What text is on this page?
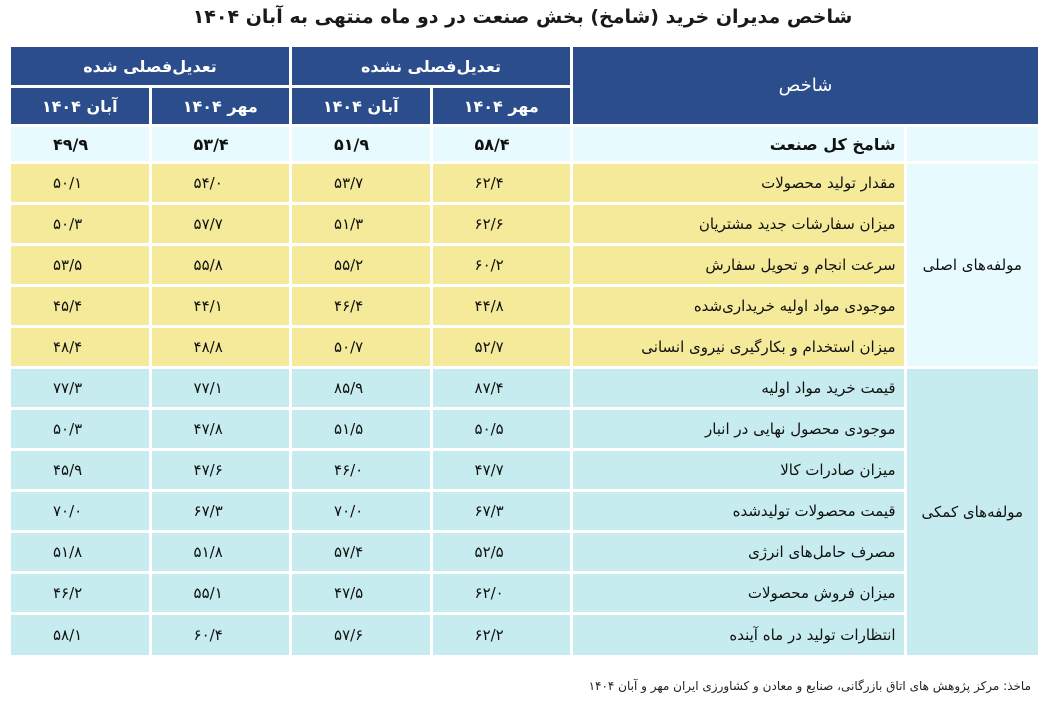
شاخص مدیران خرید (شامخ) بخش صنعت در دو ماه منتهی به آبان ۱۴۰۴
شاخص		تعدیل‌فصلی نشده		تعدیل‌فصلی شده	
		مهر ۱۴۰۴	آبان ۱۴۰۴	مهر ۱۴۰۴	آبان ۱۴۰۴
	شامخ کل صنعت	۵۸/۴	۵۱/۹	۵۳/۴	۴۹/۹
مولفه‌های اصلی	مقدار تولید محصولات	۶۲/۴	۵۳/۷	۵۴/۰	۵۰/۱
	میزان سفارشات جدید مشتریان	۶۲/۶	۵۱/۳	۵۷/۷	۵۰/۳
	سرعت انجام و تحویل سفارش	۶۰/۲	۵۵/۲	۵۵/۸	۵۳/۵
	موجودی مواد اولیه خریداری‌شده	۴۴/۸	۴۶/۴	۴۴/۱	۴۵/۴
	میزان استخدام و بکارگیری نیروی انسانی	۵۲/۷	۵۰/۷	۴۸/۸	۴۸/۴
مولفه‌های کمکی	قیمت خرید مواد اولیه	۸۷/۴	۸۵/۹	۷۷/۱	۷۷/۳
	موجودی محصول نهایی در انبار	۵۰/۵	۵۱/۵	۴۷/۸	۵۰/۳
	میزان صادرات کالا	۴۷/۷	۴۶/۰	۴۷/۶	۴۵/۹
	قیمت محصولات تولیدشده	۶۷/۳	۷۰/۰	۶۷/۳	۷۰/۰
	مصرف حامل‌های انرژی	۵۲/۵	۵۷/۴	۵۱/۸	۵۱/۸
	میزان فروش محصولات	۶۲/۰	۴۷/۵	۵۵/۱	۴۶/۲
	انتظارات تولید در ماه آینده	۶۲/۲	۵۷/۶	۶۰/۴	۵۸/۱
ماخذ: مرکز پژوهش های اتاق بازرگانی، صنایع و معادن و کشاورزی ایران مهر و آبان ۱۴۰۴
